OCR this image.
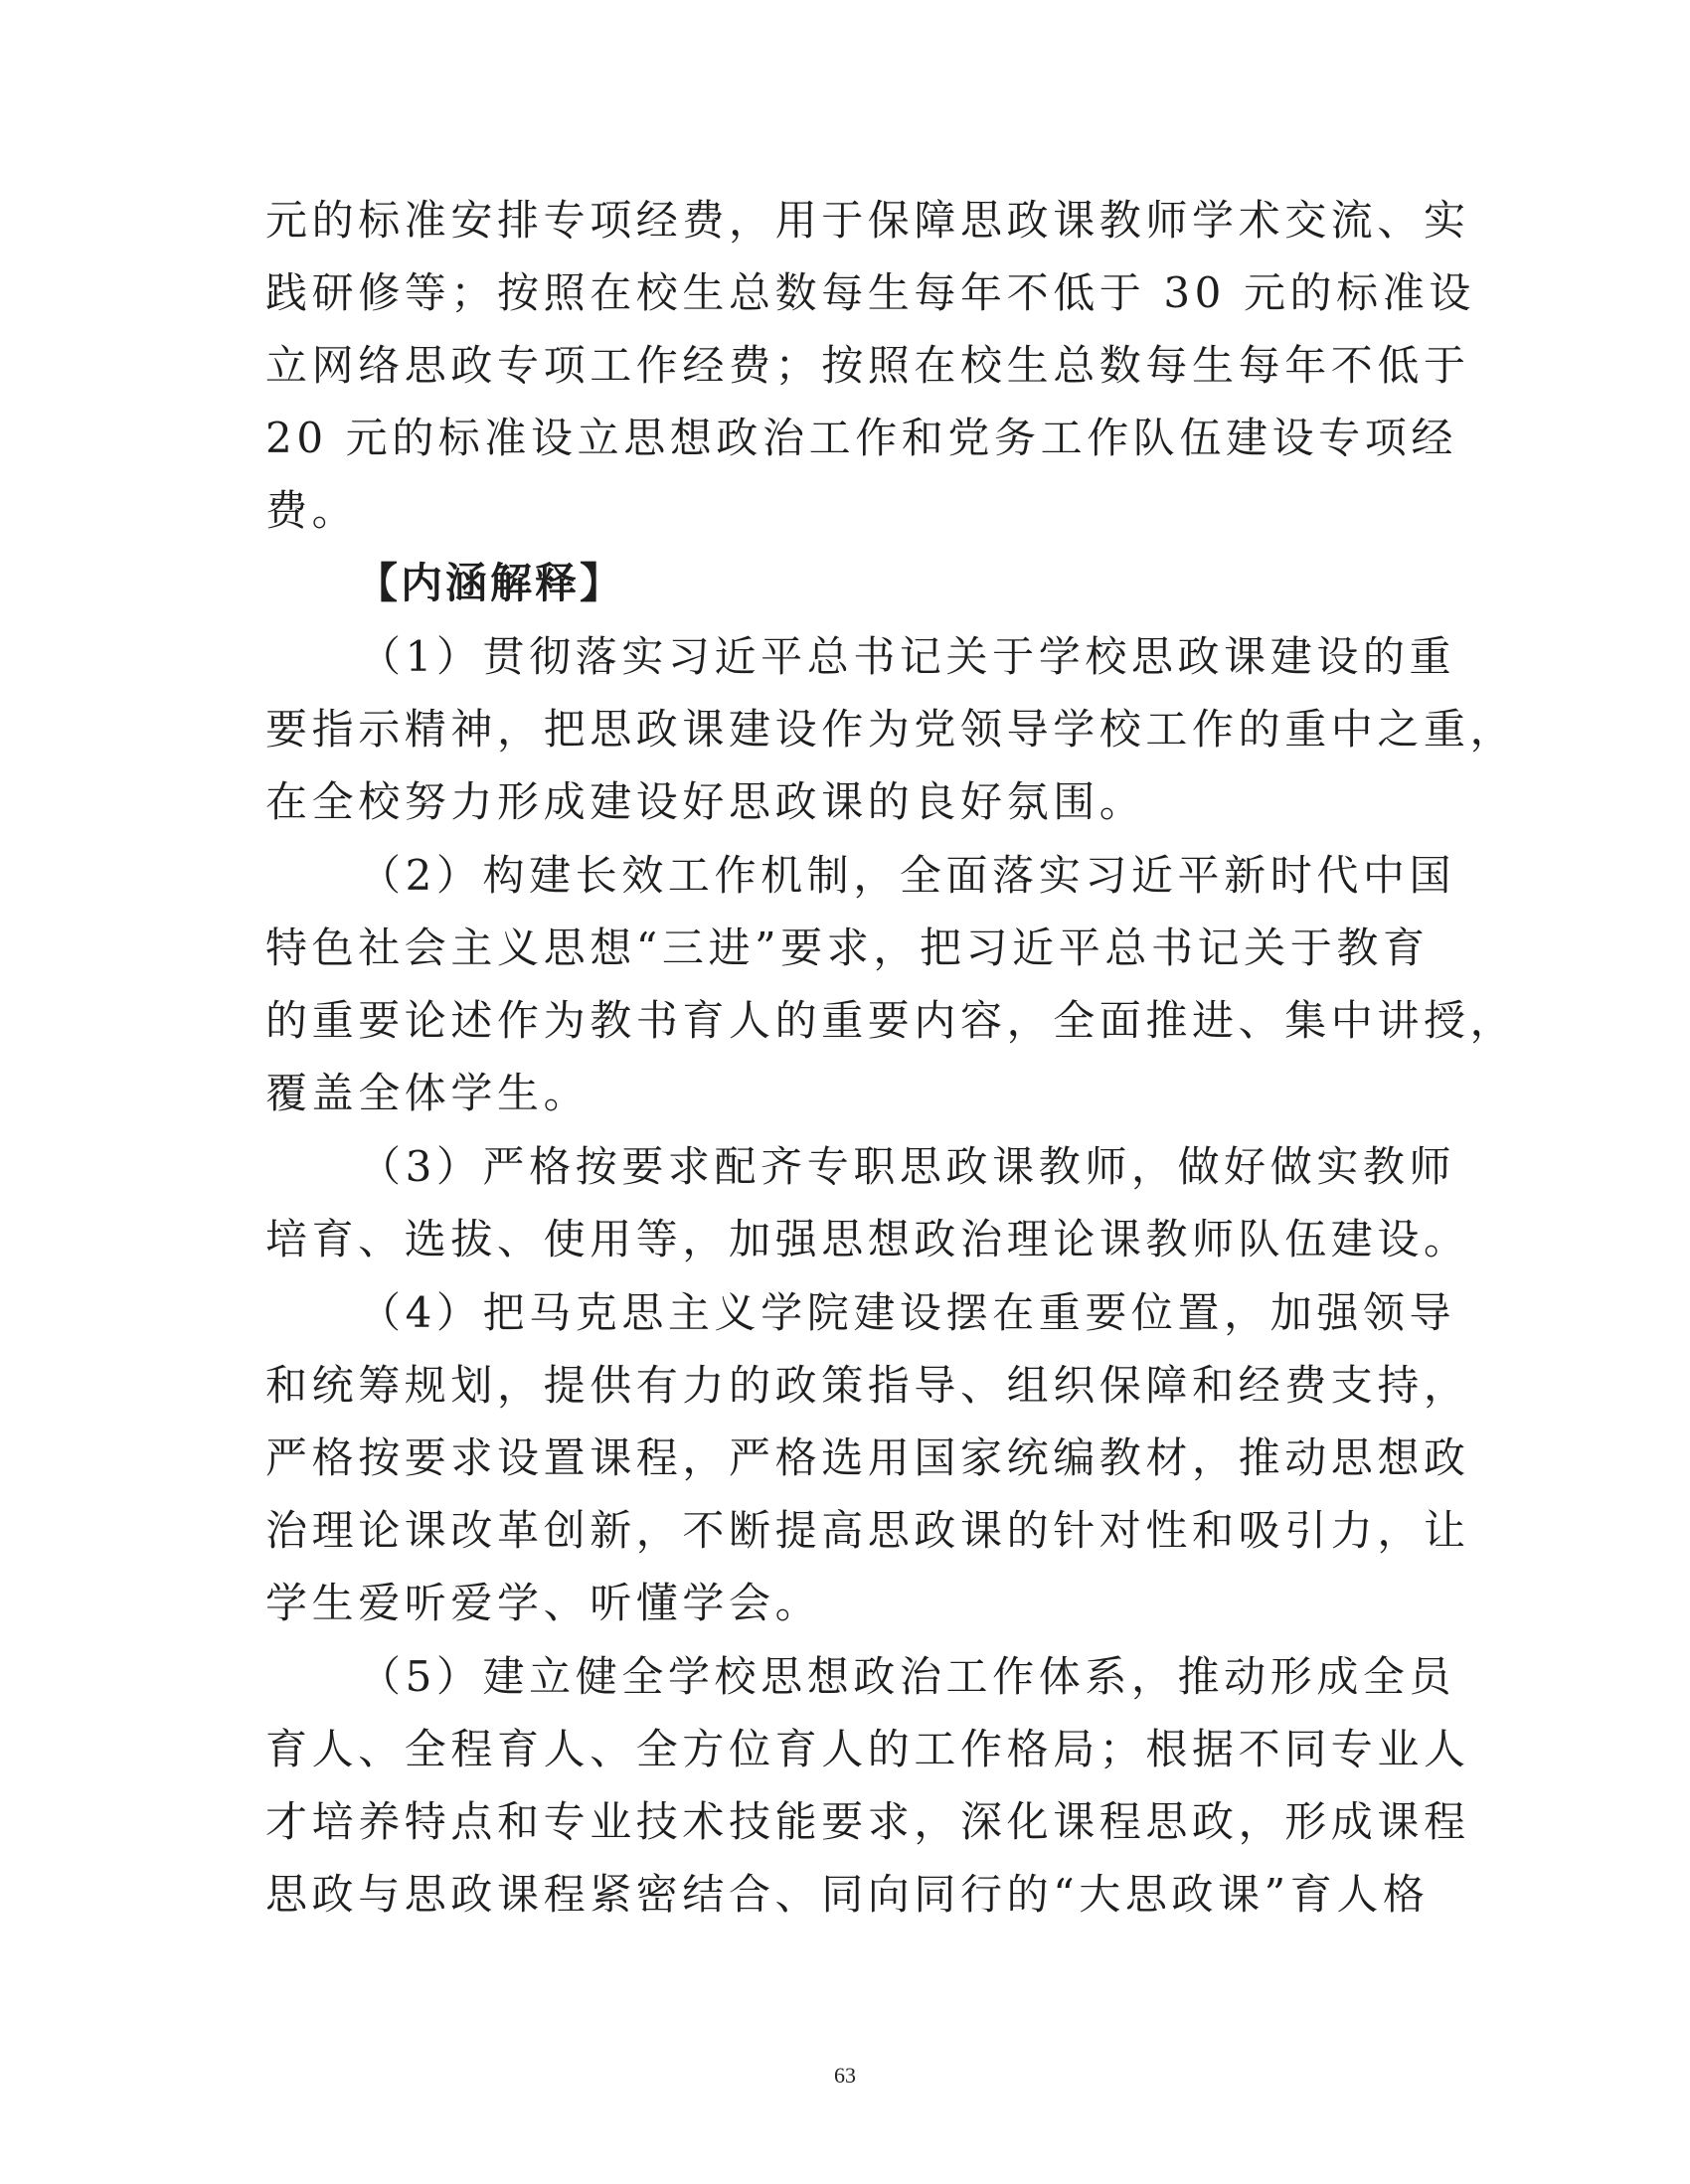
元的标准安排专项经费，用于保障思政课教师学术交流、实
践研修等；按照在校生总数每生每年不低于 30 元的标准设
立网络思政专项工作经费；按照在校生总数每生每年不低于
20 元的标准设立思想政治工作和党务工作队伍建设专项经
费。
【内涵解释】
（1）贯彻落实习近平总书记关于学校思政课建设的重
要指示精神，把思政课建设作为党领导学校工作的重中之重，
在全校努力形成建设好思政课的良好氛围。
（2）构建长效工作机制，全面落实习近平新时代中国
特色社会主义思想“三进”要求，把习近平总书记关于教育
的重要论述作为教书育人的重要内容，全面推进、集中讲授，
覆盖全体学生。
（3）严格按要求配齐专职思政课教师，做好做实教师
培育、选拔、使用等，加强思想政治理论课教师队伍建设。
（4）把马克思主义学院建设摆在重要位置，加强领导
和统筹规划，提供有力的政策指导、组织保障和经费支持，
严格按要求设置课程，严格选用国家统编教材，推动思想政
治理论课改革创新，不断提高思政课的针对性和吸引力，让
学生爱听爱学、听懂学会。
（5）建立健全学校思想政治工作体系，推动形成全员
育人、全程育人、全方位育人的工作格局；根据不同专业人
才培养特点和专业技术技能要求，深化课程思政，形成课程
思政与思政课程紧密结合、同向同行的“大思政课”育人格
63
